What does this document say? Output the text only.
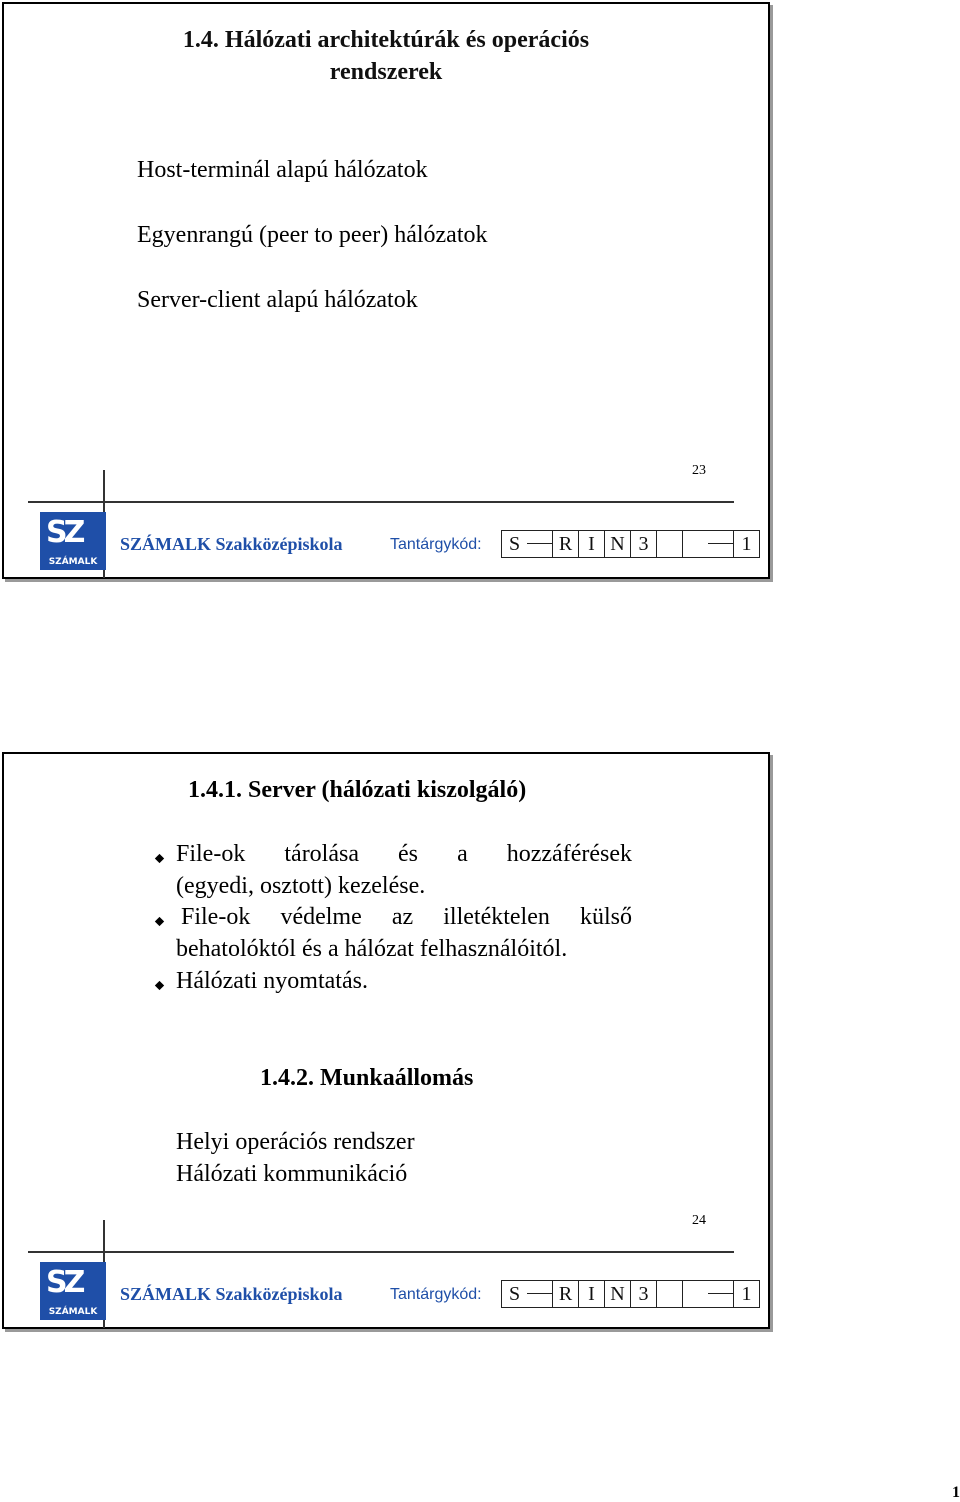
1.4. Hálózati architektúrák és operációs
rendszerek
Host-terminál alapú hálózatok
Egyenrangú (peer to peer) hálózatok
Server-client alapú hálózatok
23
SZ
SZÁMALK
SZÁMALK Szakközépiskola	Tantárgykód:	S	R I N 3	1
1.4.1. Server (hálózati kiszolgáló)
File-ok tárolása és a hozzáférések
(egyedi, osztott) kezelése.
File-ok védelme az illetéktelen külső
behatolóktól és a hálózat felhasználóitól.
Hálózati nyomtatás.
1.4.2. Munkaállomás
Helyi operációs rendszer
Hálózati kommunikáció
24
SZ
SZÁMALK
SZÁMALK Szakközépiskola	Tantárgykód:	S	R I N 3	1
1
